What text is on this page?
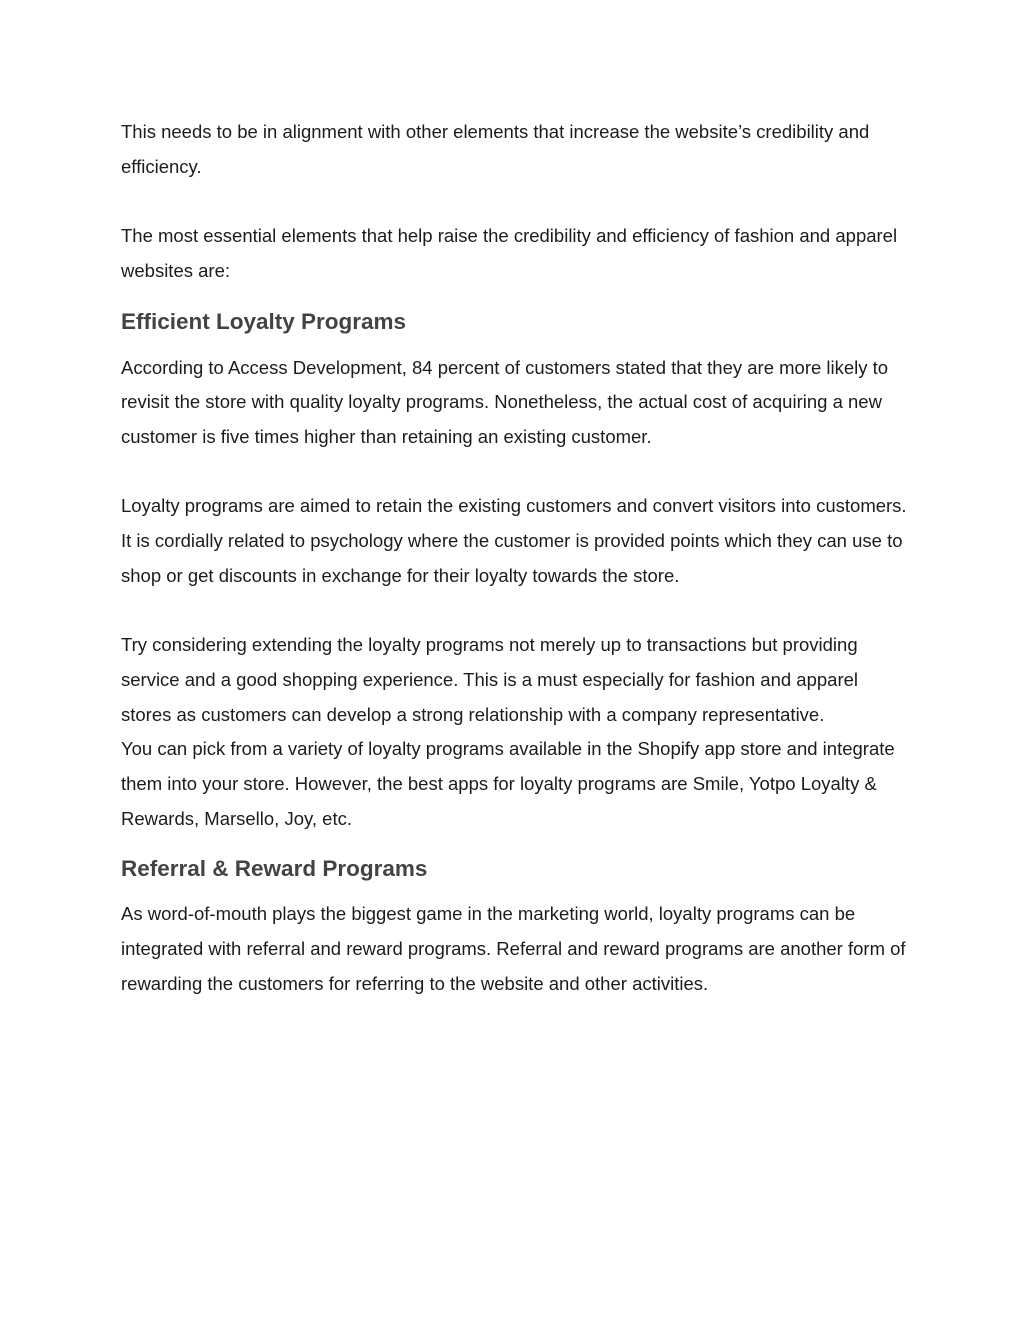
This needs to be in alignment with other elements that increase the website’s credibility and efficiency.

The most essential elements that help raise the credibility and efficiency of fashion and apparel websites are:

Efficient Loyalty Programs

According to Access Development, 84 percent of customers stated that they are more likely to revisit the store with quality loyalty programs. Nonetheless, the actual cost of acquiring a new customer is five times higher than retaining an existing customer.

Loyalty programs are aimed to retain the existing customers and convert visitors into customers. It is cordially related to psychology where the customer is provided points which they can use to shop or get discounts in exchange for their loyalty towards the store.

Try considering extending the loyalty programs not merely up to transactions but providing service and a good shopping experience. This is a must especially for fashion and apparel stores as customers can develop a strong relationship with a company representative.

You can pick from a variety of loyalty programs available in the Shopify app store and integrate them into your store. However, the best apps for loyalty programs are Smile, Yotpo Loyalty & Rewards, Marsello, Joy, etc.

Referral & Reward Programs

As word-of-mouth plays the biggest game in the marketing world, loyalty programs can be integrated with referral and reward programs. Referral and reward programs are another form of rewarding the customers for referring to the website and other activities.
